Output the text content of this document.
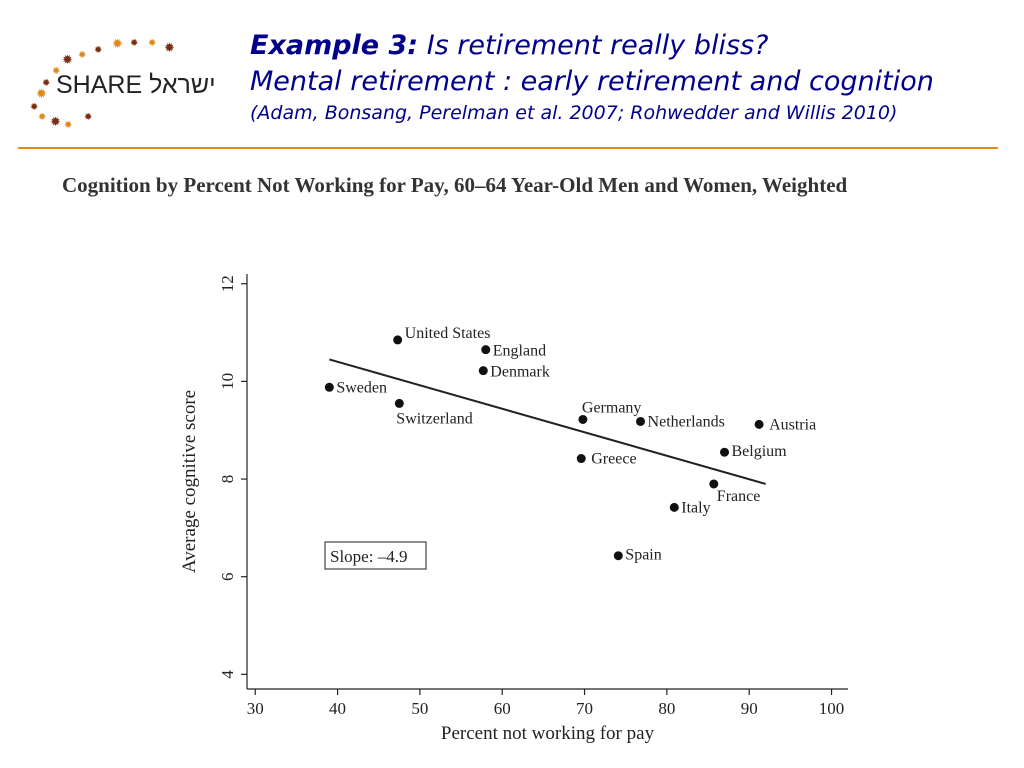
✹ ✹ ✹ ✹ ✹ ✹ ✹
✹
✹
✹
✹
✹ ✹ ✹
✹
SHARE ישראל
Example 3: Is retirement really bliss?
Mental retirement : early retirement and cognition
(Adam, Bonsang, Perelman et al. 2007; Rohwedder and Willis 2010)
Cognition by Percent Not Working for Pay, 60–64 Year-Old Men and Women, Weighted
30	40	50	60	70	80	90	100
4
6
8
10
12
Percent not working for pay
Average cognitive score
United States
England
Denmark
Sweden
Switzerland
Germany
Netherlands	Austria
Belgium
Greece
France
Italy
Spain
Slope: –4.9
